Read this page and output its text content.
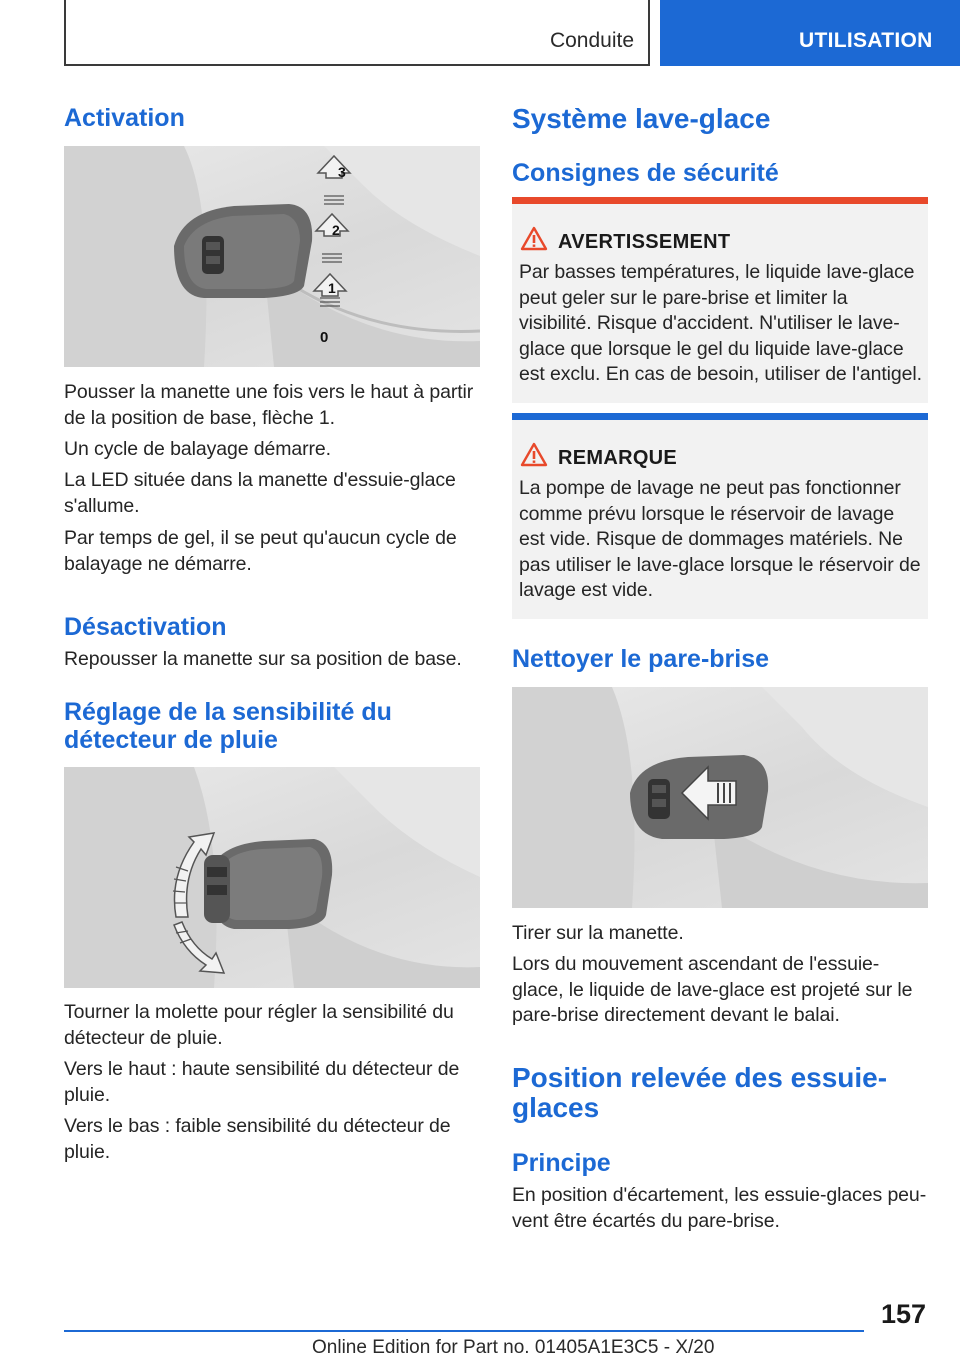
Conduite	UTILISATION
Activation
3
2
1
0

Pousser la manette une fois vers le haut à partir de la position de base, flèche 1.

Un cycle de balayage démarre.

La LED située dans la manette d'essuie-glace s'allume.

Par temps de gel, il se peut qu'aucun cycle de balayage ne démarre.

Désactivation

Repousser la manette sur sa position de base.

Réglage de la sensibilité du
détecteur de pluie

Tourner la molette pour régler la sensibilité du détecteur de pluie.

Vers le haut : haute sensibilité du détecteur de pluie.

Vers le bas : faible sensibilité du détecteur de pluie.

Système lave-glace
Consignes de sécurité
AVERTISSEMENT

Par basses températures, le liquide lave-glace peut geler sur le pare-brise et limiter la visibilité. Risque d'accident. N'utiliser le lave-glace que lorsque le gel du liquide lave-glace est exclu. En cas de besoin, utiliser de l'antigel.

REMARQUE

La pompe de lavage ne peut pas fonctionner comme prévu lorsque le réservoir de lavage est vide. Risque de dommages matériels. Ne pas utiliser le lave-glace lorsque le réservoir de lavage est vide.

Nettoyer le pare-brise

Tirer sur la manette.

Lors du mouvement ascendant de l'essuie-glace, le liquide de lave-glace est projeté sur le pare-brise directement devant le balai.

Position relevée des essuie-
glaces
Principe

En position d'écartement, les essuie-glaces peuvent être écartés du pare-brise.

157
Online Edition for Part no. 01405A1E3C5 - X/20
